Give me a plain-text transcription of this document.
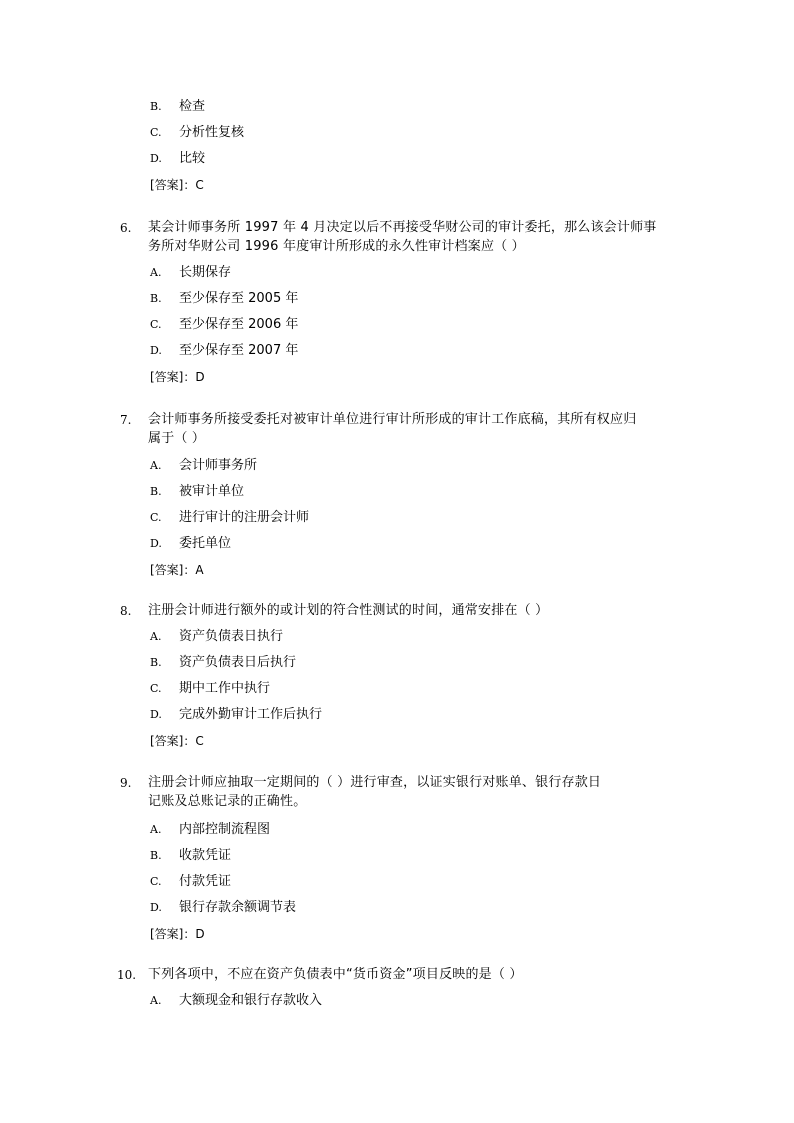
B. 检查
C. 分析性复核
D. 比较
[答案]：C
6. 某会计师事务所 1997 年 4 月决定以后不再接受华财公司的审计委托，那么该会计师事
务所对华财公司 1996 年度审计所形成的永久性审计档案应（ ）
A. 长期保存
B. 至少保存至 2005 年
C. 至少保存至 2006 年
D. 至少保存至 2007 年
[答案]：D
7. 会计师事务所接受委托对被审计单位进行审计所形成的审计工作底稿，其所有权应归
属于（ ）
A. 会计师事务所
B. 被审计单位
C. 进行审计的注册会计师
D. 委托单位
[答案]：A
8. 注册会计师进行额外的或计划的符合性测试的时间，通常安排在（ ）
A. 资产负债表日执行
B. 资产负债表日后执行
C. 期中工作中执行
D. 完成外勤审计工作后执行
[答案]：C
9. 注册会计师应抽取一定期间的（ ）进行审查，以证实银行对账单、银行存款日
记账及总账记录的正确性。
A. 内部控制流程图
B. 收款凭证
C. 付款凭证
D. 银行存款余额调节表
[答案]：D
10. 下列各项中，不应在资产负债表中“货币资金”项目反映的是（ ）
A. 大额现金和银行存款收入
